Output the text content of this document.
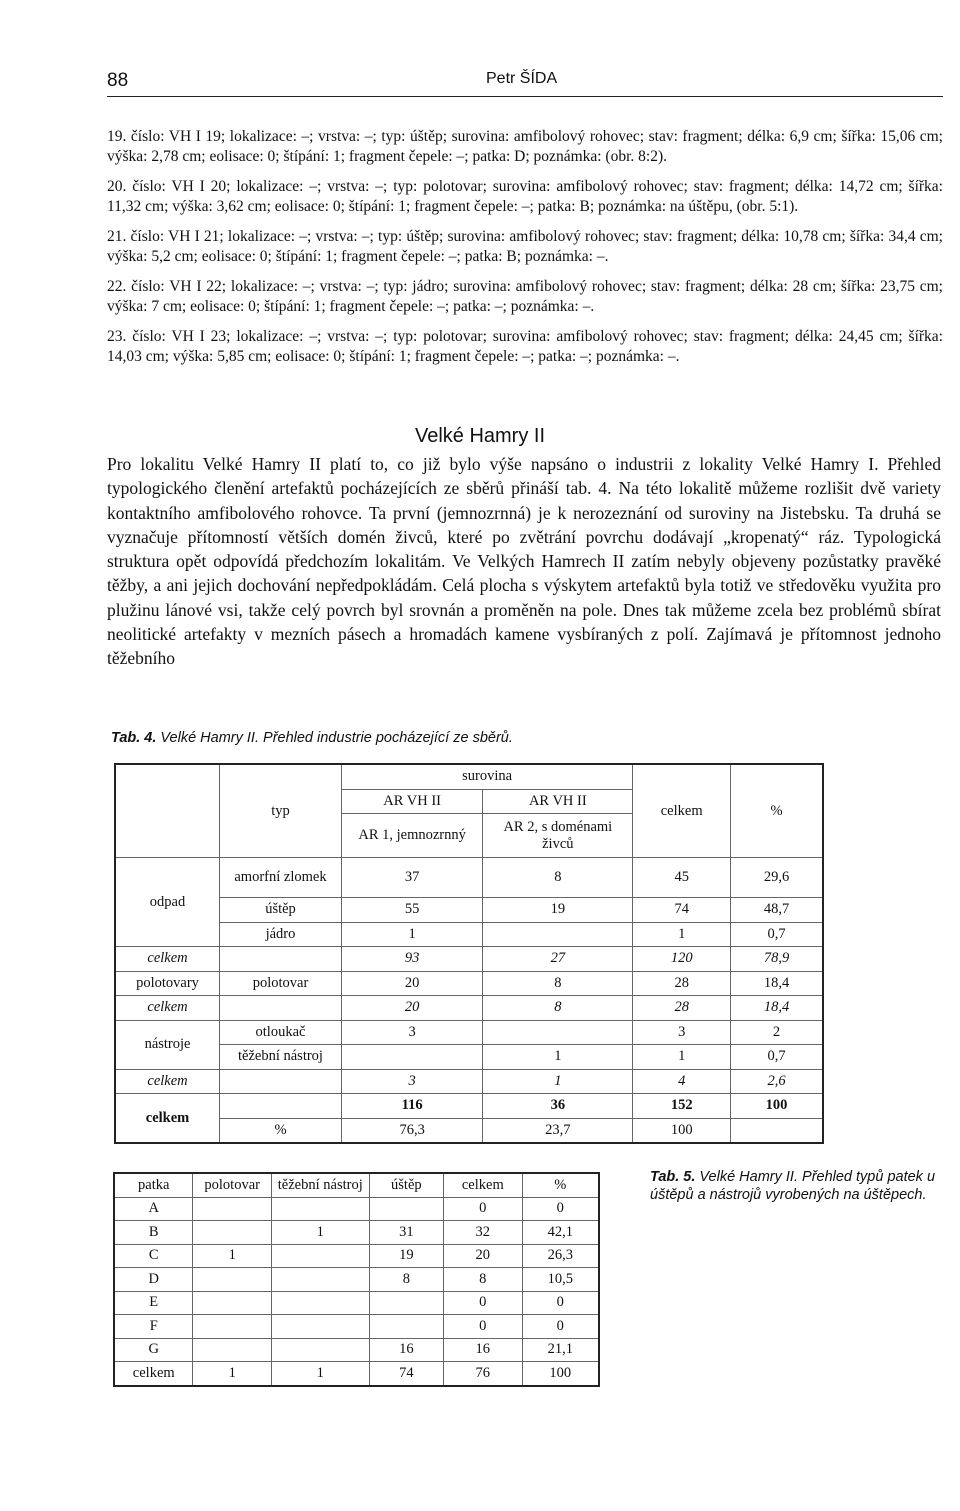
88	Petr ŠÍDA

19. číslo: VH I 19; lokalizace: –; vrstva: –; typ: úštěp; surovina: amfibolový rohovec; stav: fragment; délka: 6,9 cm; šířka: 15,06 cm; výška: 2,78 cm; eolisace: 0; štípání: 1; fragment čepele: –; patka: D; poznámka: (obr. 8:2).

20. číslo: VH I 20; lokalizace: –; vrstva: –; typ: polotovar; surovina: amfibolový rohovec; stav: fragment; délka: 14,72 cm; šířka: 11,32 cm; výška: 3,62 cm; eolisace: 0; štípání: 1; fragment čepele: –; patka: B; poznámka: na úštěpu, (obr. 5:1).

21. číslo: VH I 21; lokalizace: –; vrstva: –; typ: úštěp; surovina: amfibolový rohovec; stav: fragment; délka: 10,78 cm; šířka: 34,4 cm; výška: 5,2 cm; eolisace: 0; štípání: 1; fragment čepele: –; patka: B; poznámka: –.

22. číslo: VH I 22; lokalizace: –; vrstva: –; typ: jádro; surovina: amfibolový rohovec; stav: fragment; délka: 28 cm; šířka: 23,75 cm; výška: 7 cm; eolisace: 0; štípání: 1; fragment čepele: –; patka: –; poznámka: –.

23. číslo: VH I 23; lokalizace: –; vrstva: –; typ: polotovar; surovina: amfibolový rohovec; stav: fragment; délka: 24,45 cm; šířka: 14,03 cm; výška: 5,85 cm; eolisace: 0; štípání: 1; fragment čepele: –; patka: –; poznámka: –.

Velké Hamry II
Pro lokalitu Velké Hamry II platí to, co již bylo výše napsáno o industrii z lokality Velké Hamry I. Přehled typologického členění artefaktů pocházejících ze sběrů přináší tab. 4. Na této lokalitě můžeme rozlišit dvě variety kontaktního amfibolového rohovce. Ta první (jemnozrnná) je k nerozeznání od suroviny na Jistebsku. Ta druhá se vyznačuje přítomností větších domén živců, které po zvětrání povrchu dodávají „kropenatý“ ráz. Typologická struktura opět odpovídá předchozím lokalitám. Ve Velkých Hamrech II zatím nebyly objeveny pozůstatky pravěké těžby, a ani jejich dochování nepředpokládám. Celá plocha s výskytem artefaktů byla totiž ve středověku využita pro plužinu lánové vsi, takže celý povrch byl srovnán a proměněn na pole. Dnes tak můžeme zcela bez problémů sbírat neolitické artefakty v mezních pásech a hromadách kamene vysbíraných z polí. Zajímavá je přítomnost jednoho těžebního
Tab. 4. Velké Hamry II. Přehled industrie pocházející ze sběrů.
	typ	surovina		celkem	%
		AR VH II	AR VH II		
		AR 1, jemnozrnný	AR 2, s doménami živců		
odpad	amorfní zlomek	37	8	45	29,6
	úštěp	55	19	74	48,7
	jádro	1		1	0,7
celkem		93	27	120	78,9
polotovary	polotovar	20	8	28	18,4
celkem		20	8	28	18,4
nástroje	otloukač	3		3	2
	těžební nástroj		1	1	0,7
celkem		3	1	4	2,6
celkem		116	36	152	100
	%	76,3	23,7	100	
patka	polotovar	těžební nástroj	úštěp	celkem	%
A				0	0
B		1	31	32	42,1
C	1		19	20	26,3
D			8	8	10,5
E				0	0
F				0	0
G			16	16	21,1
celkem	1	1	74	76	100
Tab. 5. Velké Hamry II. Přehled typů patek u úštěpů a nástrojů vyrobených na úštěpech.
